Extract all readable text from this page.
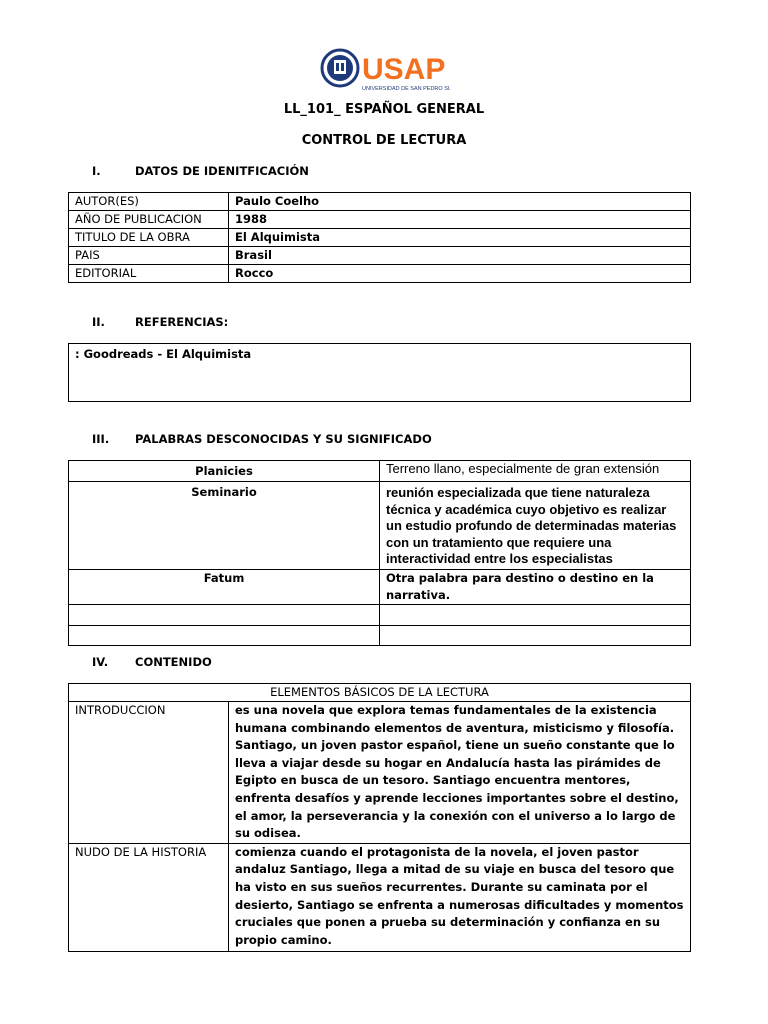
USAP
UNIVERSIDAD DE SAN PEDRO SULA
LL_101_ ESPAÑOL GENERAL
CONTROL DE LECTURA
I.	DATOS DE IDENITFICACIÓN
AUTOR(ES)	Paulo Coelho
AÑO DE PUBLICACION	1988
TITULO DE LA OBRA	El Alquimista
PAIS	Brasil
EDITORIAL	Rocco
II.	REFERENCIAS:
: Goodreads - El Alquimista
III. PALABRAS DESCONOCIDAS Y SU SIGNIFICADO
Planicies	Terreno llano, especialmente de gran extensión
Seminario	reunión especializada que tiene naturaleza técnica y académica cuyo objetivo es realizar un estudio profundo de determinadas materias con un tratamiento que requiere una interactividad entre los especialistas
Fatum	Otra palabra para destino o destino en la narrativa.

IV. CONTENIDO
ELEMENTOS BÁSICOS DE LA LECTURA	
INTRODUCCION	es una novela que explora temas fundamentales de la existencia humana combinando elementos de aventura, misticismo y filosofía. Santiago, un joven pastor español, tiene un sueño constante que lo lleva a viajar desde su hogar en Andalucía hasta las pirámides de Egipto en busca de un tesoro. Santiago encuentra mentores, enfrenta desafíos y aprende lecciones importantes sobre el destino, el amor, la perseverancia y la conexión con el universo a lo largo de su odisea.
NUDO DE LA HISTORIA	comienza cuando el protagonista de la novela, el joven pastor andaluz Santiago, llega a mitad de su viaje en busca del tesoro que ha visto en sus sueños recurrentes. Durante su caminata por el desierto, Santiago se enfrenta a numerosas dificultades y momentos cruciales que ponen a prueba su determinación y confianza en su propio camino.
